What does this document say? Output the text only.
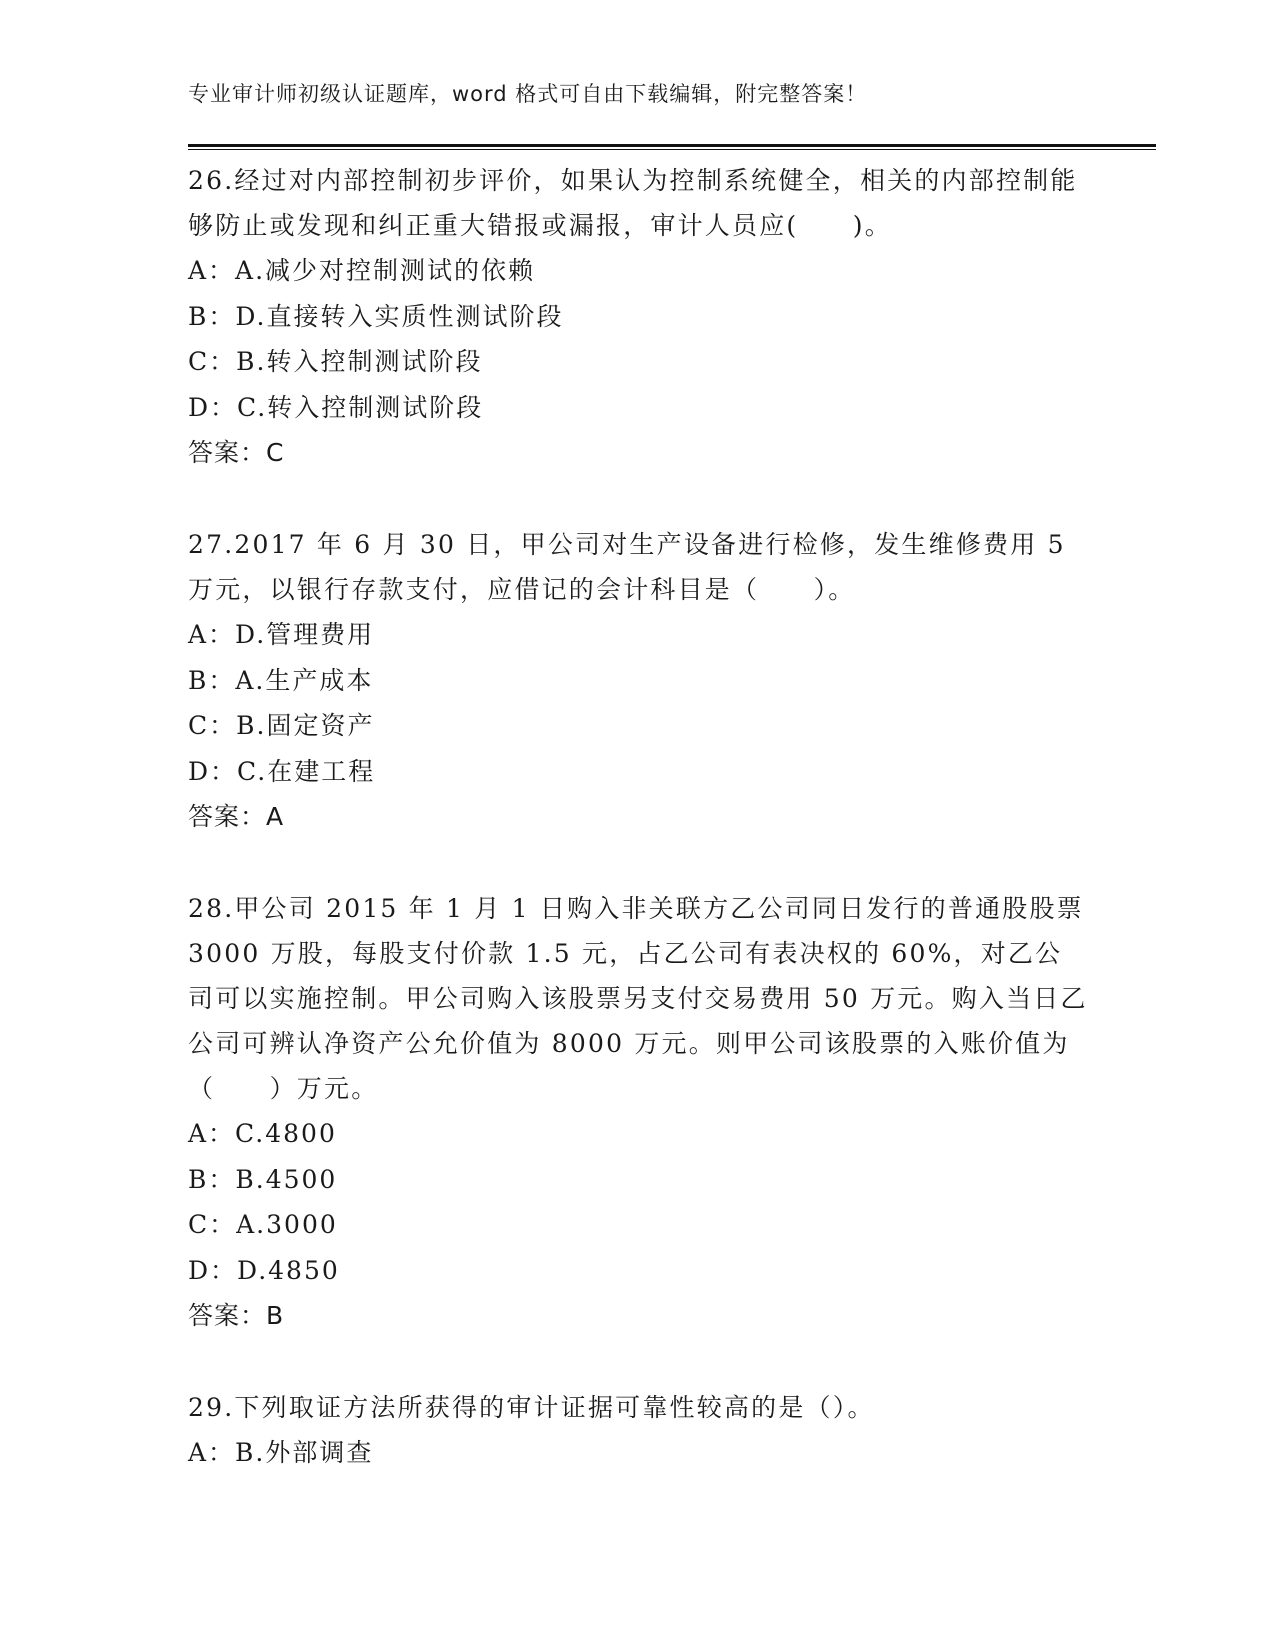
专业审计师初级认证题库，word 格式可自由下载编辑，附完整答案！

26.经过对内部控制初步评价，如果认为控制系统健全，相关的内部控制能够防止或发现和纠正重大错报或漏报，审计人员应(　　)。

A：A.减少对控制测试的依赖
B：D.直接转入实质性测试阶段
C：B.转入控制测试阶段
D：C.转入控制测试阶段
答案：C

27.2017 年 6 月 30 日，甲公司对生产设备进行检修，发生维修费用 5 万元，以银行存款支付，应借记的会计科目是（　　）。

A：D.管理费用
B：A.生产成本
C：B.固定资产
D：C.在建工程
答案：A

28.甲公司 2015 年 1 月 1 日购入非关联方乙公司同日发行的普通股股票 3000 万股，每股支付价款 1.5 元，占乙公司有表决权的 60%，对乙公司可以实施控制。甲公司购入该股票另支付交易费用 50 万元。购入当日乙公司可辨认净资产公允价值为 8000 万元。则甲公司该股票的入账价值为（　　）万元。

A：C.4800
B：B.4500
C：A.3000
D：D.4850
答案：B

29.下列取证方法所获得的审计证据可靠性较高的是（）。

A：B.外部调查
